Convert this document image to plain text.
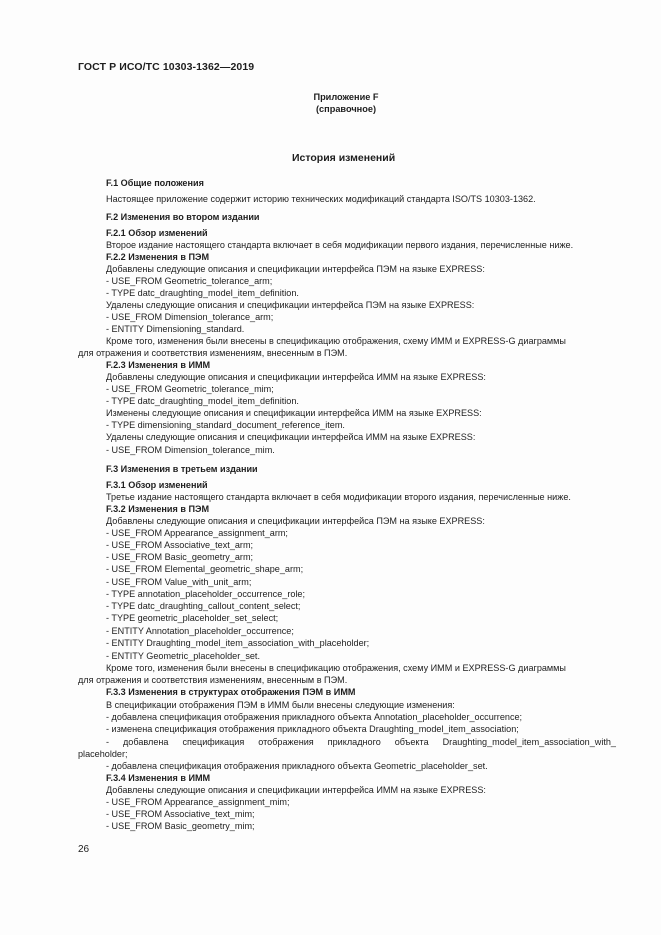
ГОСТ Р ИСО/ТС 10303-1362—2019
Приложение F
(справочное)
История изменений
F.1 Общие положения
Настоящее приложение содержит историю технических модификаций стандарта ISO/TS 10303-1362.
F.2 Изменения во втором издании
F.2.1 Обзор изменений
Второе издание настоящего стандарта включает в себя модификации первого издания, перечисленные ниже.
F.2.2 Изменения в ПЭМ
Добавлены следующие описания и спецификации интерфейса ПЭМ на языке EXPRESS:
- USE_FROM Geometric_tolerance_arm;
- TYPE datc_draughting_model_item_definition.
Удалены следующие описания и спецификации интерфейса ПЭМ на языке EXPRESS:
- USE_FROM Dimension_tolerance_arm;
- ENTITY Dimensioning_standard.
Кроме того, изменения были внесены в спецификацию отображения, схему ИММ и EXPRESS-G диаграммы
для отражения и соответствия изменениям, внесенным в ПЭМ.
F.2.3 Изменения в ИММ
Добавлены следующие описания и спецификации интерфейса ИММ на языке EXPRESS:
- USE_FROM Geometric_tolerance_mim;
- TYPE datc_draughting_model_item_definition.
Изменены следующие описания и спецификации интерфейса ИММ на языке EXPRESS:
- TYPE dimensioning_standard_document_reference_item.
Удалены следующие описания и спецификации интерфейса ИММ на языке EXPRESS:
- USE_FROM Dimension_tolerance_mim.
F.3 Изменения в третьем издании
F.3.1 Обзор изменений
Третье издание настоящего стандарта включает в себя модификации второго издания, перечисленные ниже.
F.3.2 Изменения в ПЭМ
Добавлены следующие описания и спецификации интерфейса ПЭМ на языке EXPRESS:
- USE_FROM Appearance_assignment_arm;
- USE_FROM Associative_text_arm;
- USE_FROM Basic_geometry_arm;
- USE_FROM Elemental_geometric_shape_arm;
- USE_FROM Value_with_unit_arm;
- TYPE annotation_placeholder_occurrence_role;
- TYPE datc_draughting_callout_content_select;
- TYPE geometric_placeholder_set_select;
- ENTITY Annotation_placeholder_occurrence;
- ENTITY Draughting_model_item_association_with_placeholder;
- ENTITY Geometric_placeholder_set.
Кроме того, изменения были внесены в спецификацию отображения, схему ИММ и EXPRESS-G диаграммы
для отражения и соответствия изменениям, внесенным в ПЭМ.
F.3.3 Изменения в структурах отображения ПЭМ в ИММ
В спецификации отображения ПЭМ в ИММ были внесены следующие изменения:
- добавлена спецификация отображения прикладного объекта Annotation_placeholder_occurrence;
- изменена спецификация отображения прикладного объекта Draughting_model_item_association;
- добавлена спецификация отображения прикладного объекта Draughting_model_item_association_with_
placeholder;
- добавлена спецификация отображения прикладного объекта Geometric_placeholder_set.
F.3.4 Изменения в ИММ
Добавлены следующие описания и спецификации интерфейса ИММ на языке EXPRESS:
- USE_FROM Appearance_assignment_mim;
- USE_FROM Associative_text_mim;
- USE_FROM Basic_geometry_mim;
26
